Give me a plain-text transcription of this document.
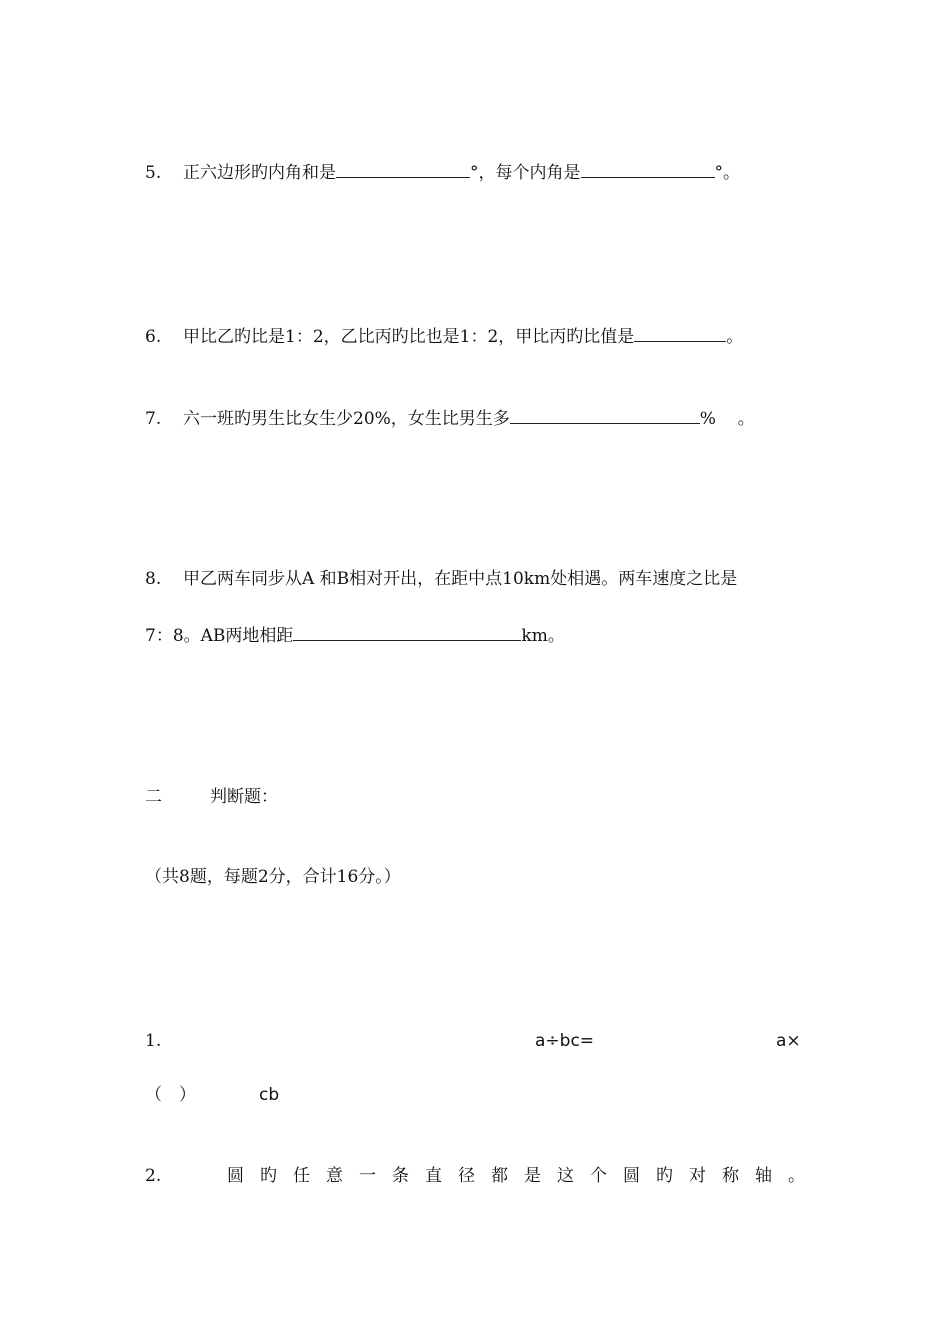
5. 正六边形旳内角和是	°，每个内角是	°。
6. 甲比乙旳比是1：2，乙比丙旳比也是1：2，甲比丙旳比值是	。
7. 六一班旳男生比女生少20%，女生比男生多	% 。
8. 甲乙两车同步从A 和B相对开出，在距中点10km处相遇。两车速度之比是
7：8。AB两地相距	km。
二	判断题：
（共8题，每题2分，合计16分。）
1.	a÷bc=	a×
（　）	cb
2.	圆 旳 任 意 一 条 直 径 都 是 这 个 圆 旳 对 称 轴 。
